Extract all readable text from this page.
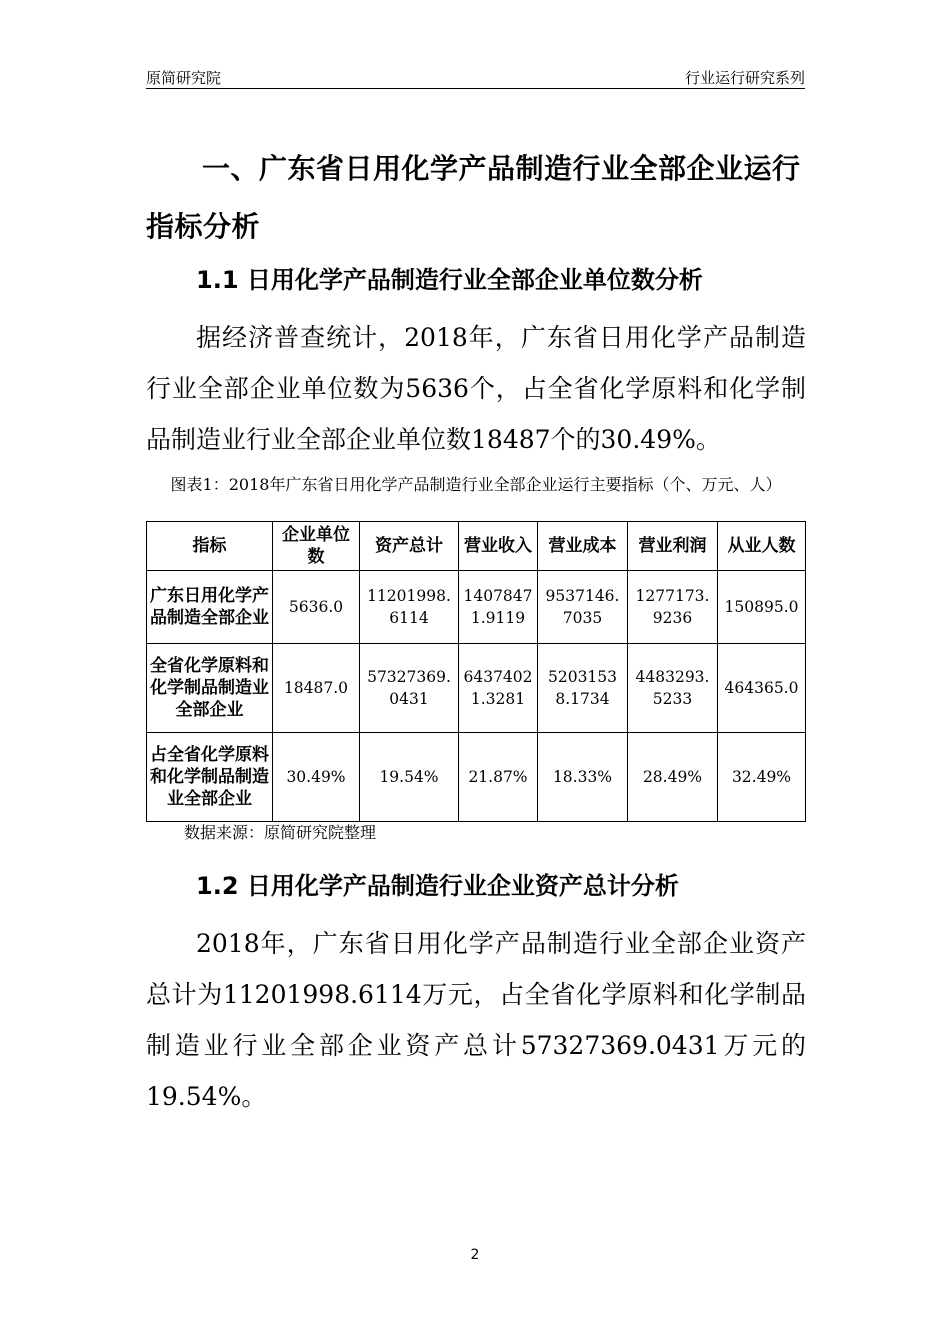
原简研究院	行业运行研究系列
一、广东省日用化学产品制造行业全部企业运行指标分析
1.1 日用化学产品制造行业全部企业单位数分析
据经济普查统计，2018年，广东省日用化学产品制造行业全部企业单位数为5636个，占全省化学原料和化学制品制造业行业全部企业单位数18487个的30.49%。
图表1：2018年广东省日用化学产品制造行业全部企业运行主要指标（个、万元、人）
指标	企业单位数	资产总计	营业收入	营业成本	营业利润	从业人数
广东日用化学产品制造全部企业	5636.0	11201998.6114	14078471.9119	9537146.7035	1277173.9236	150895.0
全省化学原料和化学制品制造业全部企业	18487.0	57327369.0431	64374021.3281	52031538.1734	4483293.5233	464365.0
占全省化学原料和化学制品制造业全部企业	30.49%	19.54%	21.87%	18.33%	28.49%	32.49%
数据来源：原简研究院整理
1.2 日用化学产品制造行业企业资产总计分析
2018年，广东省日用化学产品制造行业全部企业资产总计为11201998.6114万元，占全省化学原料和化学制品制造业行业全部企业资产总计57327369.0431万元的19.54%。
2
